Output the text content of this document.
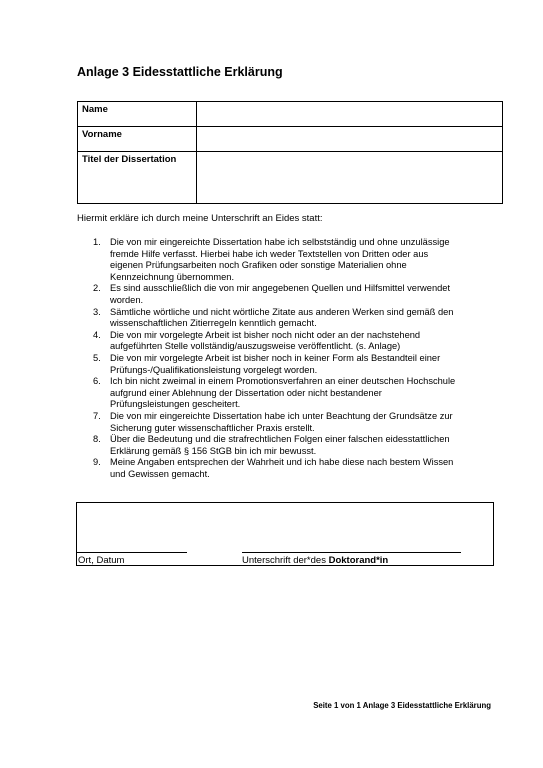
Anlage 3 Eidesstattliche Erklärung
Name	
Vorname	
Titel der Dissertation	

Hiermit erkläre ich durch meine Unterschrift an Eides statt:

1. Die von mir eingereichte Dissertation habe ich selbstständig und ohne unzulässige
fremde Hilfe verfasst. Hierbei habe ich weder Textstellen von Dritten oder aus
eigenen Prüfungsarbeiten noch Grafiken oder sonstige Materialien ohne
Kennzeichnung übernommen.
2. Es sind ausschließlich die von mir angegebenen Quellen und Hilfsmittel verwendet
worden.
3. Sämtliche wörtliche und nicht wörtliche Zitate aus anderen Werken sind gemäß den
wissenschaftlichen Zitierregeln kenntlich gemacht.
4. Die von mir vorgelegte Arbeit ist bisher noch nicht oder an der nachstehend
aufgeführten Stelle vollständig/auszugsweise veröffentlicht. (s. Anlage)
5. Die von mir vorgelegte Arbeit ist bisher noch in keiner Form als Bestandteil einer
Prüfungs-/Qualifikationsleistung vorgelegt worden.
6. Ich bin nicht zweimal in einem Promotionsverfahren an einer deutschen Hochschule
aufgrund einer Ablehnung der Dissertation oder nicht bestandener
Prüfungsleistungen gescheitert.
7. Die von mir eingereichte Dissertation habe ich unter Beachtung der Grundsätze zur
Sicherung guter wissenschaftlicher Praxis erstellt.
8. Über die Bedeutung und die strafrechtlichen Folgen einer falschen eidesstattlichen
Erklärung gemäß § 156 StGB bin ich mir bewusst.
9. Meine Angaben entsprechen der Wahrheit und ich habe diese nach bestem Wissen
und Gewissen gemacht.
Ort, Datum	Unterschrift der*des Doktorand*in
Seite 1 von 1 Anlage 3 Eidesstattliche Erklärung
